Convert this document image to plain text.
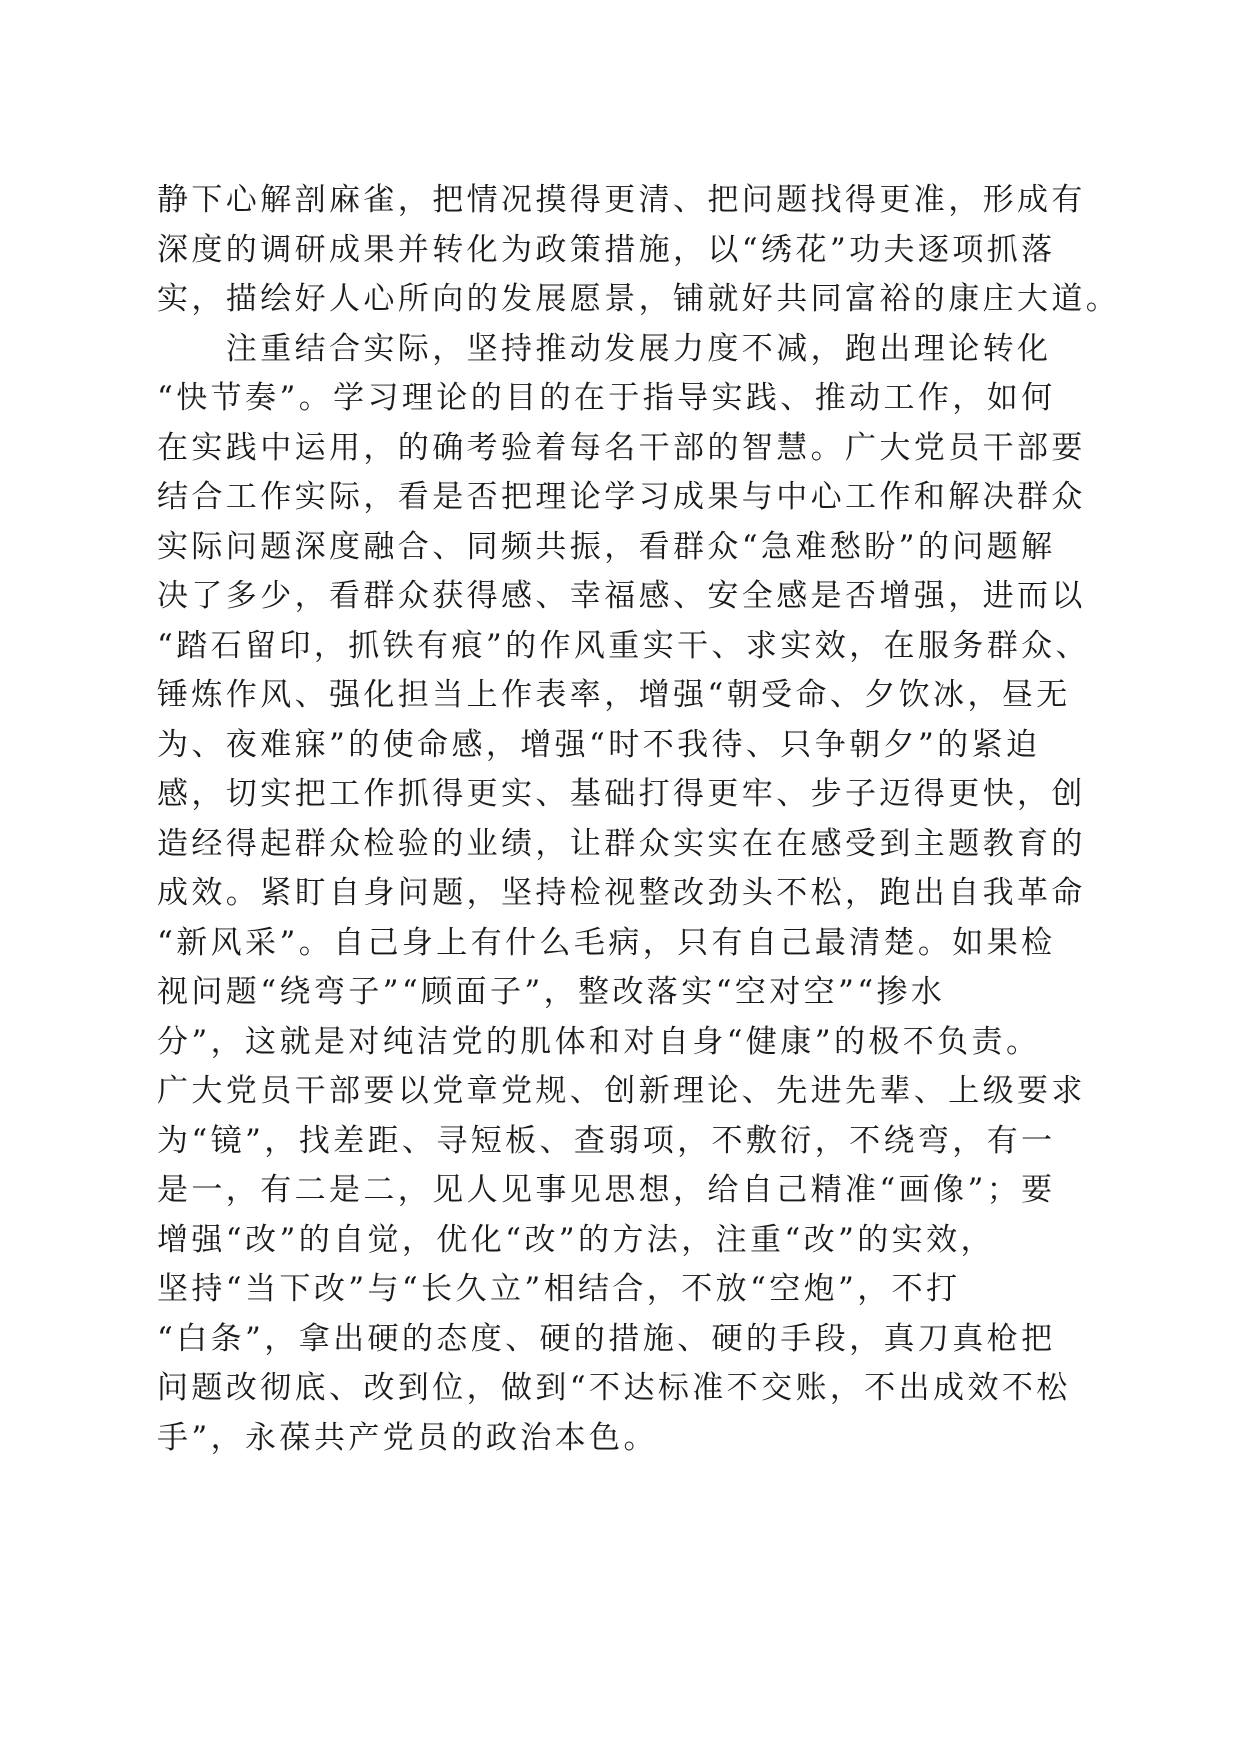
静下心解剖麻雀，把情况摸得更清、把问题找得更准，形成有
深度的调研成果并转化为政策措施，以“绣花”功夫逐项抓落
实，描绘好人心所向的发展愿景，铺就好共同富裕的康庄大道。
　　注重结合实际，坚持推动发展力度不减，跑出理论转化
“快节奏”。学习理论的目的在于指导实践、推动工作，如何
在实践中运用，的确考验着每名干部的智慧。广大党员干部要
结合工作实际，看是否把理论学习成果与中心工作和解决群众
实际问题深度融合、同频共振，看群众“急难愁盼”的问题解
决了多少，看群众获得感、幸福感、安全感是否增强，进而以
“踏石留印，抓铁有痕”的作风重实干、求实效，在服务群众、
锤炼作风、强化担当上作表率，增强“朝受命、夕饮冰，昼无
为、夜难寐”的使命感，增强“时不我待、只争朝夕”的紧迫
感，切实把工作抓得更实、基础打得更牢、步子迈得更快，创
造经得起群众检验的业绩，让群众实实在在感受到主题教育的
成效。紧盯自身问题，坚持检视整改劲头不松，跑出自我革命
“新风采”。自己身上有什么毛病，只有自己最清楚。如果检
视问题“绕弯子”“顾面子”，整改落实“空对空”“掺水
分”，这就是对纯洁党的肌体和对自身“健康”的极不负责。
广大党员干部要以党章党规、创新理论、先进先辈、上级要求
为“镜”，找差距、寻短板、查弱项，不敷衍，不绕弯，有一
是一，有二是二，见人见事见思想，给自己精准“画像”；要
增强“改”的自觉，优化“改”的方法，注重“改”的实效，
坚持“当下改”与“长久立”相结合，不放“空炮”，不打
“白条”，拿出硬的态度、硬的措施、硬的手段，真刀真枪把
问题改彻底、改到位，做到“不达标准不交账，不出成效不松
手”，永葆共产党员的政治本色。
